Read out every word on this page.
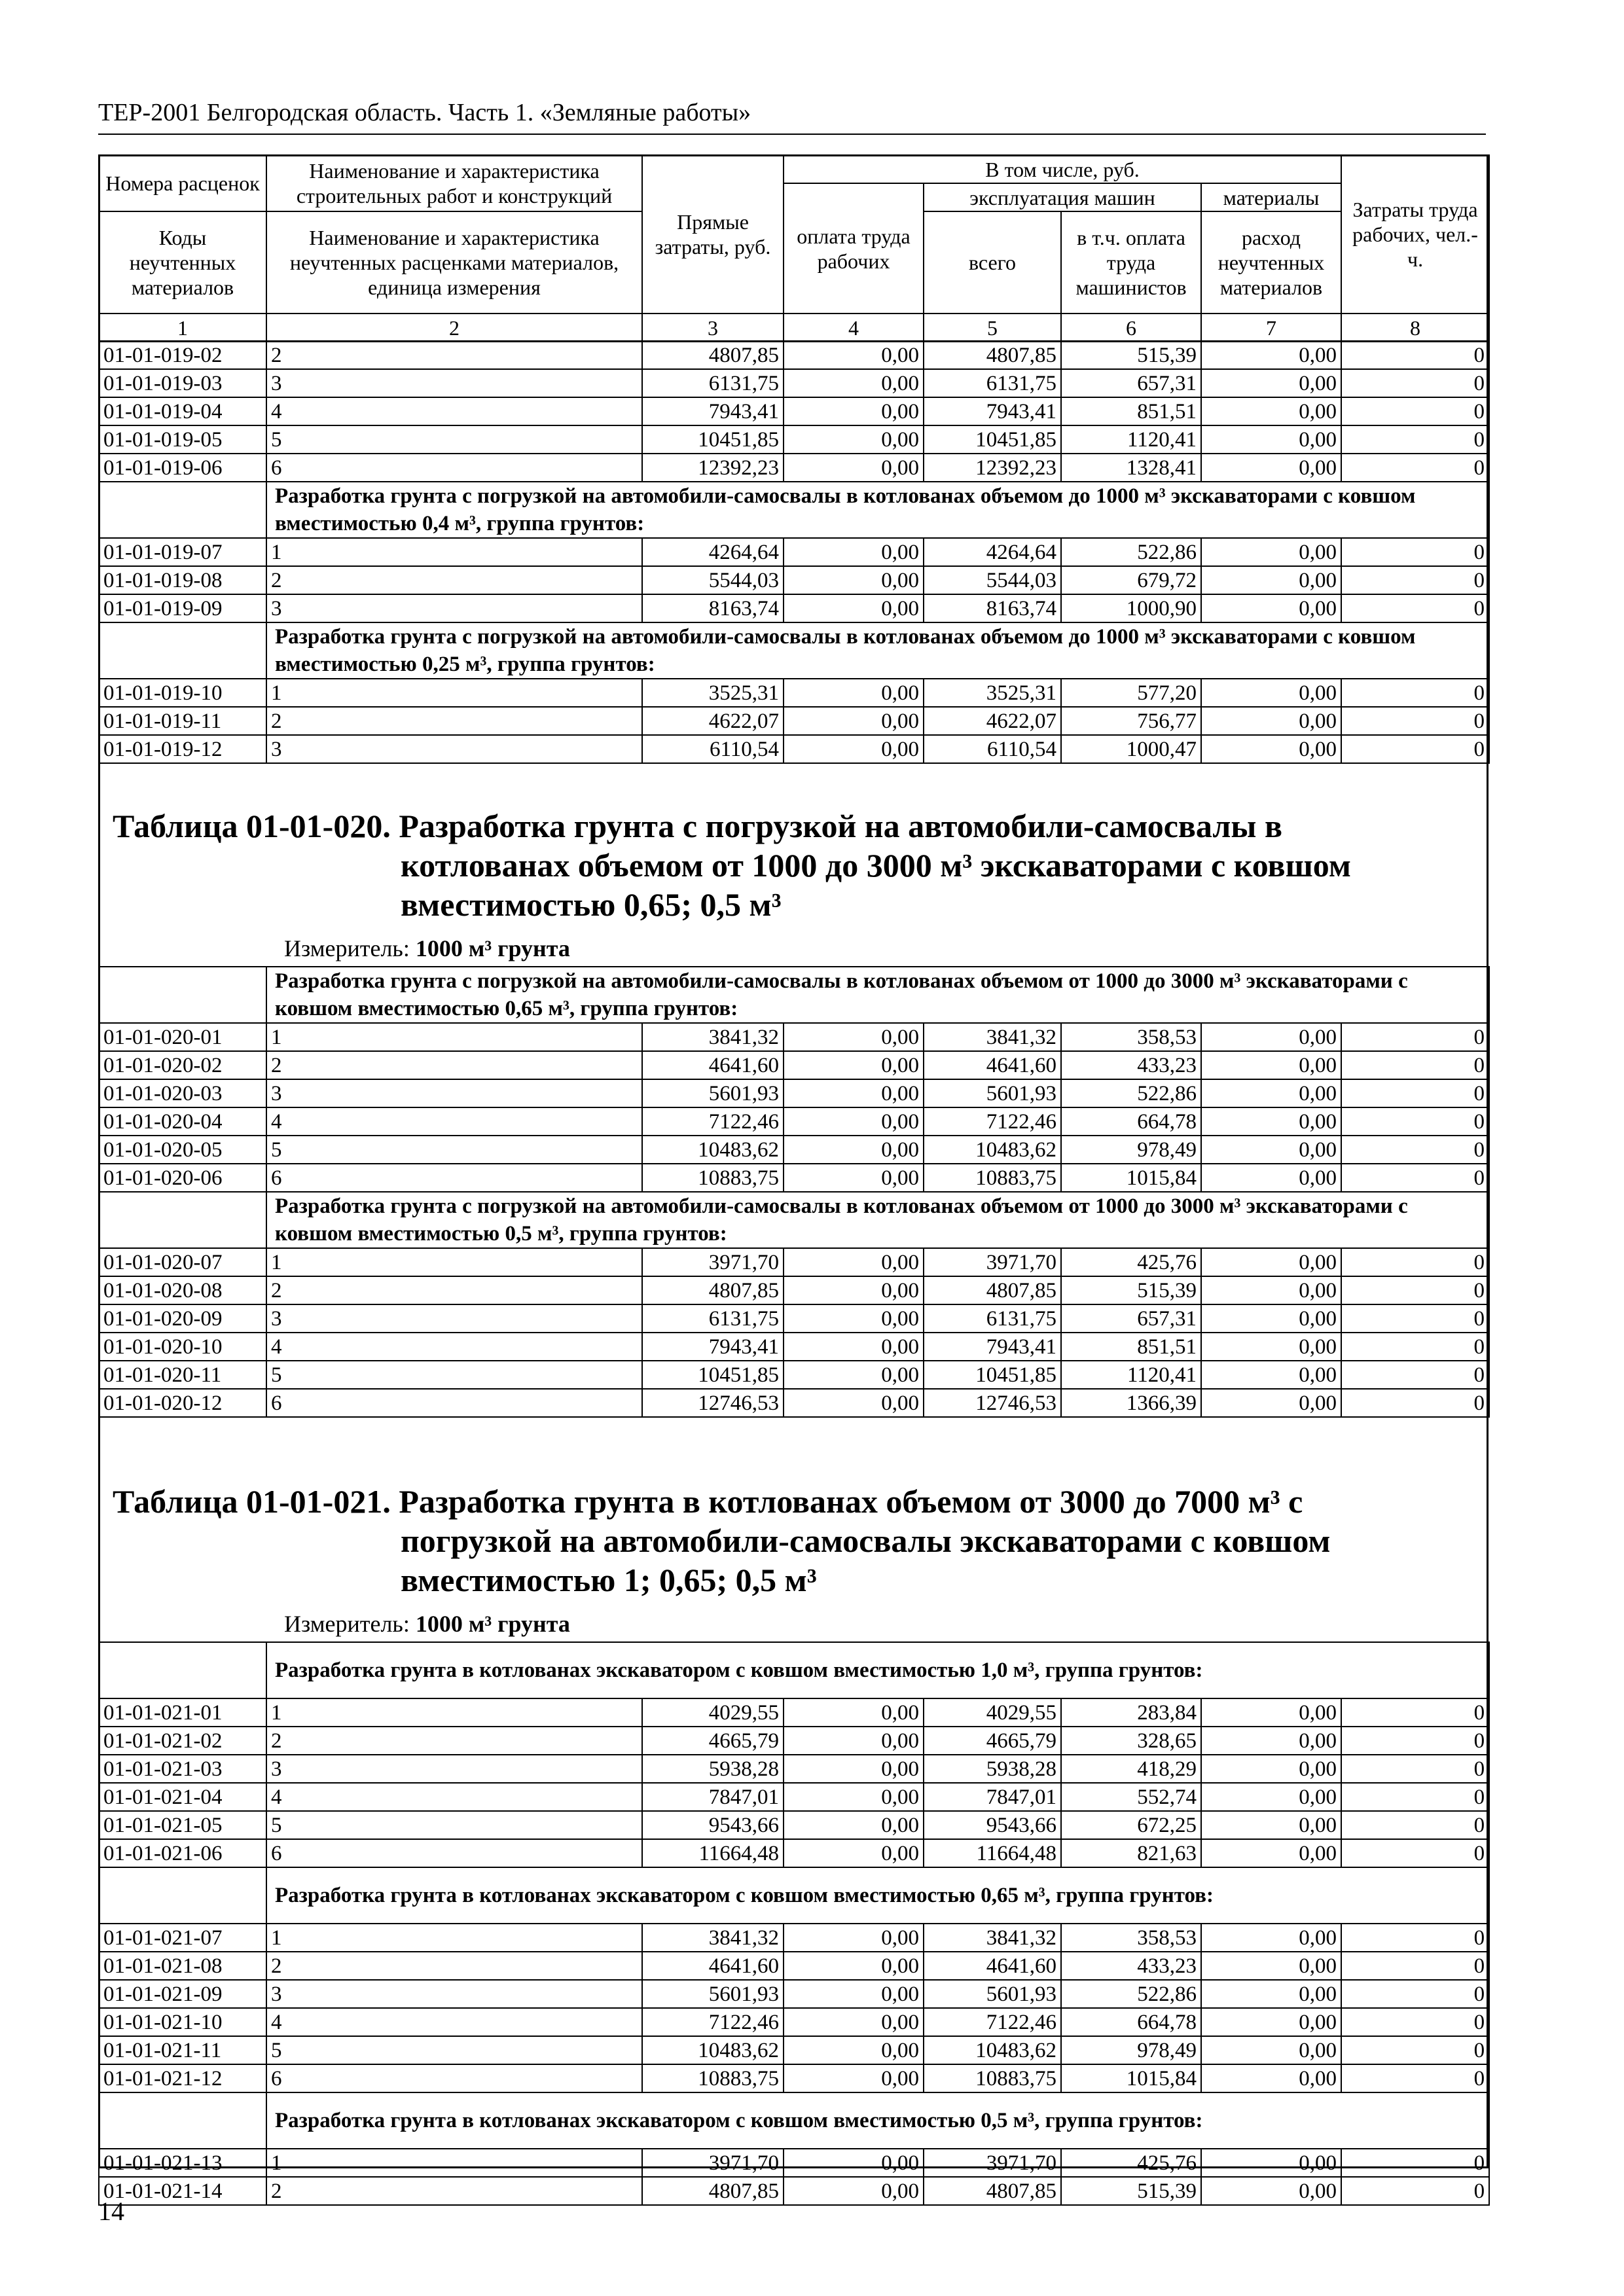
ТЕР-2001 Белгородская область. Часть 1. «Земляные работы»
Номера расценок	Наименование и характеристика строительных работ и конструкций	Прямые затраты, руб.	В том числе, руб.				Затраты труда рабочих, чел.-ч.
			оплата труда рабочих	эксплуатация машин		материалы	
Коды неучтенных материалов	Наименование и характеристика неучтенных расценками материалов, единица измерения			всего	в т.ч. оплата труда машинистов	расход неучтенных материалов	

1	2	3	4	5	6	7	8
01-01-019-02	2	4807,85	0,00	4807,85	515,39	0,00	0
01-01-019-03	3	6131,75	0,00	6131,75	657,31	0,00	0
01-01-019-04	4	7943,41	0,00	7943,41	851,51	0,00	0
01-01-019-05	5	10451,85	0,00	10451,85	1120,41	0,00	0
01-01-019-06	6	12392,23	0,00	12392,23	1328,41	0,00	0
	Разработка грунта с погрузкой на автомобили-самосвалы в котлованах объемом до 1000 м³ экскаваторами с ковшом вместимостью 0,4 м³, группа грунтов:						
01-01-019-07	1	4264,64	0,00	4264,64	522,86	0,00	0
01-01-019-08	2	5544,03	0,00	5544,03	679,72	0,00	0
01-01-019-09	3	8163,74	0,00	8163,74	1000,90	0,00	0
	Разработка грунта с погрузкой на автомобили-самосвалы в котлованах объемом до 1000 м³ экскаваторами с ковшом вместимостью 0,25 м³, группа грунтов:						
01-01-019-10	1	3525,31	0,00	3525,31	577,20	0,00	0
01-01-019-11	2	4622,07	0,00	4622,07	756,77	0,00	0
01-01-019-12	3	6110,54	0,00	6110,54	1000,47	0,00	0
Таблица 01-01-020. Разработка грунта с погрузкой на автомобили-самосвалы в
котлованах объемом от 1000 до 3000 м³ экскаваторами с ковшом вместимостью 0,65; 0,5 м³
Измеритель: 1000 м³ грунта
	Разработка грунта с погрузкой на автомобили-самосвалы в котлованах объемом от 1000 до 3000 м³ экскаваторами с ковшом вместимостью 0,65 м³, группа грунтов:						
01-01-020-01	1	3841,32	0,00	3841,32	358,53	0,00	0
01-01-020-02	2	4641,60	0,00	4641,60	433,23	0,00	0
01-01-020-03	3	5601,93	0,00	5601,93	522,86	0,00	0
01-01-020-04	4	7122,46	0,00	7122,46	664,78	0,00	0
01-01-020-05	5	10483,62	0,00	10483,62	978,49	0,00	0
01-01-020-06	6	10883,75	0,00	10883,75	1015,84	0,00	0
	Разработка грунта с погрузкой на автомобили-самосвалы в котлованах объемом от 1000 до 3000 м³ экскаваторами с ковшом вместимостью 0,5 м³, группа грунтов:						
01-01-020-07	1	3971,70	0,00	3971,70	425,76	0,00	0
01-01-020-08	2	4807,85	0,00	4807,85	515,39	0,00	0
01-01-020-09	3	6131,75	0,00	6131,75	657,31	0,00	0
01-01-020-10	4	7943,41	0,00	7943,41	851,51	0,00	0
01-01-020-11	5	10451,85	0,00	10451,85	1120,41	0,00	0
01-01-020-12	6	12746,53	0,00	12746,53	1366,39	0,00	0
Таблица 01-01-021. Разработка грунта в котлованах объемом от 3000 до 7000 м³ с
погрузкой на автомобили-самосвалы экскаваторами с ковшом вместимостью 1; 0,65; 0,5 м³
Измеритель: 1000 м³ грунта
	Разработка грунта в котлованах экскаватором с ковшом вместимостью 1,0 м³, группа грунтов:						
01-01-021-01	1	4029,55	0,00	4029,55	283,84	0,00	0
01-01-021-02	2	4665,79	0,00	4665,79	328,65	0,00	0
01-01-021-03	3	5938,28	0,00	5938,28	418,29	0,00	0
01-01-021-04	4	7847,01	0,00	7847,01	552,74	0,00	0
01-01-021-05	5	9543,66	0,00	9543,66	672,25	0,00	0
01-01-021-06	6	11664,48	0,00	11664,48	821,63	0,00	0
	Разработка грунта в котлованах экскаватором с ковшом вместимостью 0,65 м³, группа грунтов:						
01-01-021-07	1	3841,32	0,00	3841,32	358,53	0,00	0
01-01-021-08	2	4641,60	0,00	4641,60	433,23	0,00	0
01-01-021-09	3	5601,93	0,00	5601,93	522,86	0,00	0
01-01-021-10	4	7122,46	0,00	7122,46	664,78	0,00	0
01-01-021-11	5	10483,62	0,00	10483,62	978,49	0,00	0
01-01-021-12	6	10883,75	0,00	10883,75	1015,84	0,00	0
	Разработка грунта в котлованах экскаватором с ковшом вместимостью 0,5 м³, группа грунтов:						
01-01-021-13	1	3971,70	0,00	3971,70	425,76	0,00	0
01-01-021-14	2	4807,85	0,00	4807,85	515,39	0,00	0
14
